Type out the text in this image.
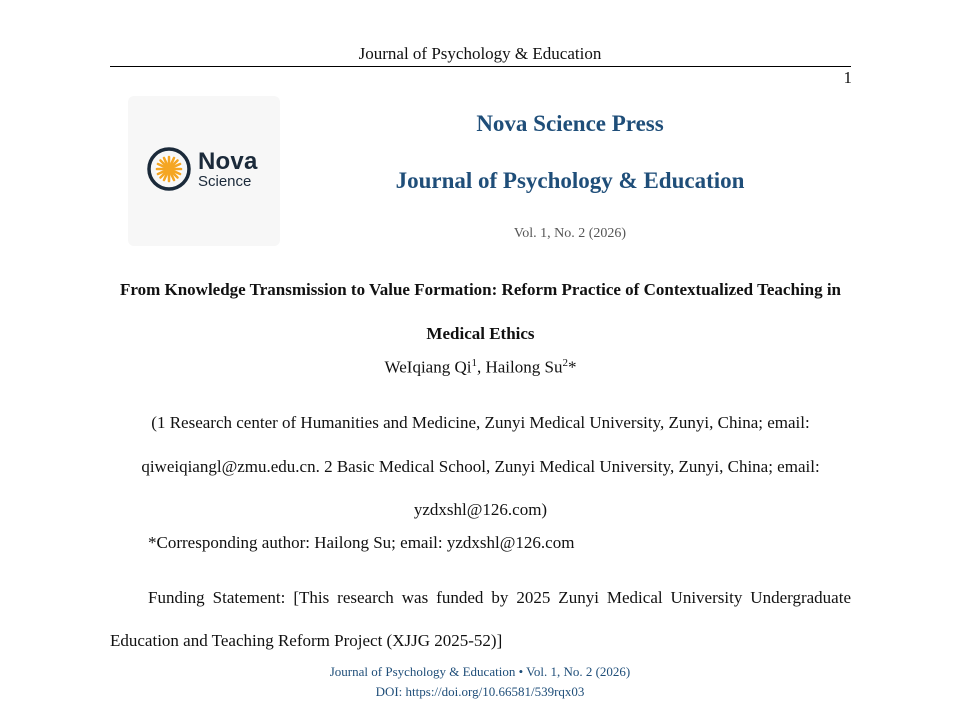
Journal of Psychology & Education
1
Nova
Science
Nova Science Press
Journal of Psychology & Education
Vol. 1, No. 2 (2026)
From Knowledge Transmission to Value Formation: Reform Practice of Contextualized Teaching in Medical Ethics
WeIqiang Qi$^1$, Hailong Su$^2$*
(1 Research center of Humanities and Medicine, Zunyi Medical University, Zunyi, China; email: qiweiqiangl@zmu.edu.cn. 2 Basic Medical School, Zunyi Medical University, Zunyi, China; email: yzdxshl@126.com)
*Corresponding author: Hailong Su; email: yzdxshl@126.com
Funding Statement: [This research was funded by 2025 Zunyi Medical University Undergraduate Education and Teaching Reform Project (XJJG 2025-52)]
Journal of Psychology & Education • Vol. 1, No. 2 (2026)
DOI: https://doi.org/10.66581/539rqx03
